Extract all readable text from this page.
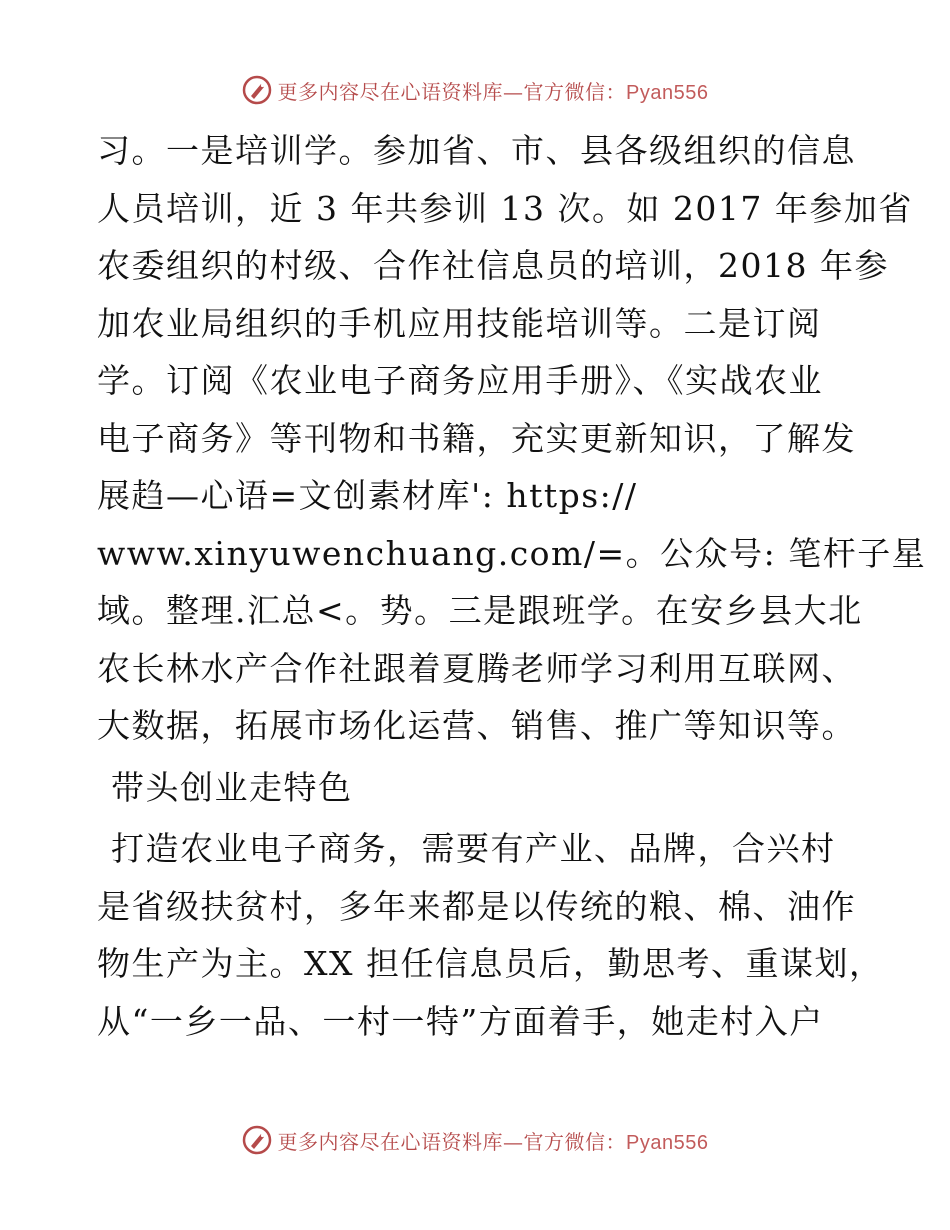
更多内容尽在心语资料库—官方微信：Pyan556
习。一是培训学。参加省、市、县各级组织的信息
人员培训，近 3 年共参训 13 次。如 2017 年参加省
农委组织的村级、合作社信息员的培训，2018 年参
加农业局组织的手机应用技能培训等。二是订阅
学。订阅《农业电子商务应用手册》、《实战农业
电子商务》等刊物和书籍，充实更新知识，了解发
展趋—心语=文创素材库': https://
www.xinyuwenchuang.com/=。公众号: 笔杆子星
域。整理.汇总<。势。三是跟班学。在安乡县大北
农长林水产合作社跟着夏腾老师学习利用互联网、
大数据，拓展市场化运营、销售、推广等知识等。
带头创业走特色
打造农业电子商务，需要有产业、品牌，合兴村
是省级扶贫村，多年来都是以传统的粮、棉、油作
物生产为主。XX 担任信息员后，勤思考、重谋划，
从“一乡一品、一村一特”方面着手，她走村入户
更多内容尽在心语资料库—官方微信：Pyan556
